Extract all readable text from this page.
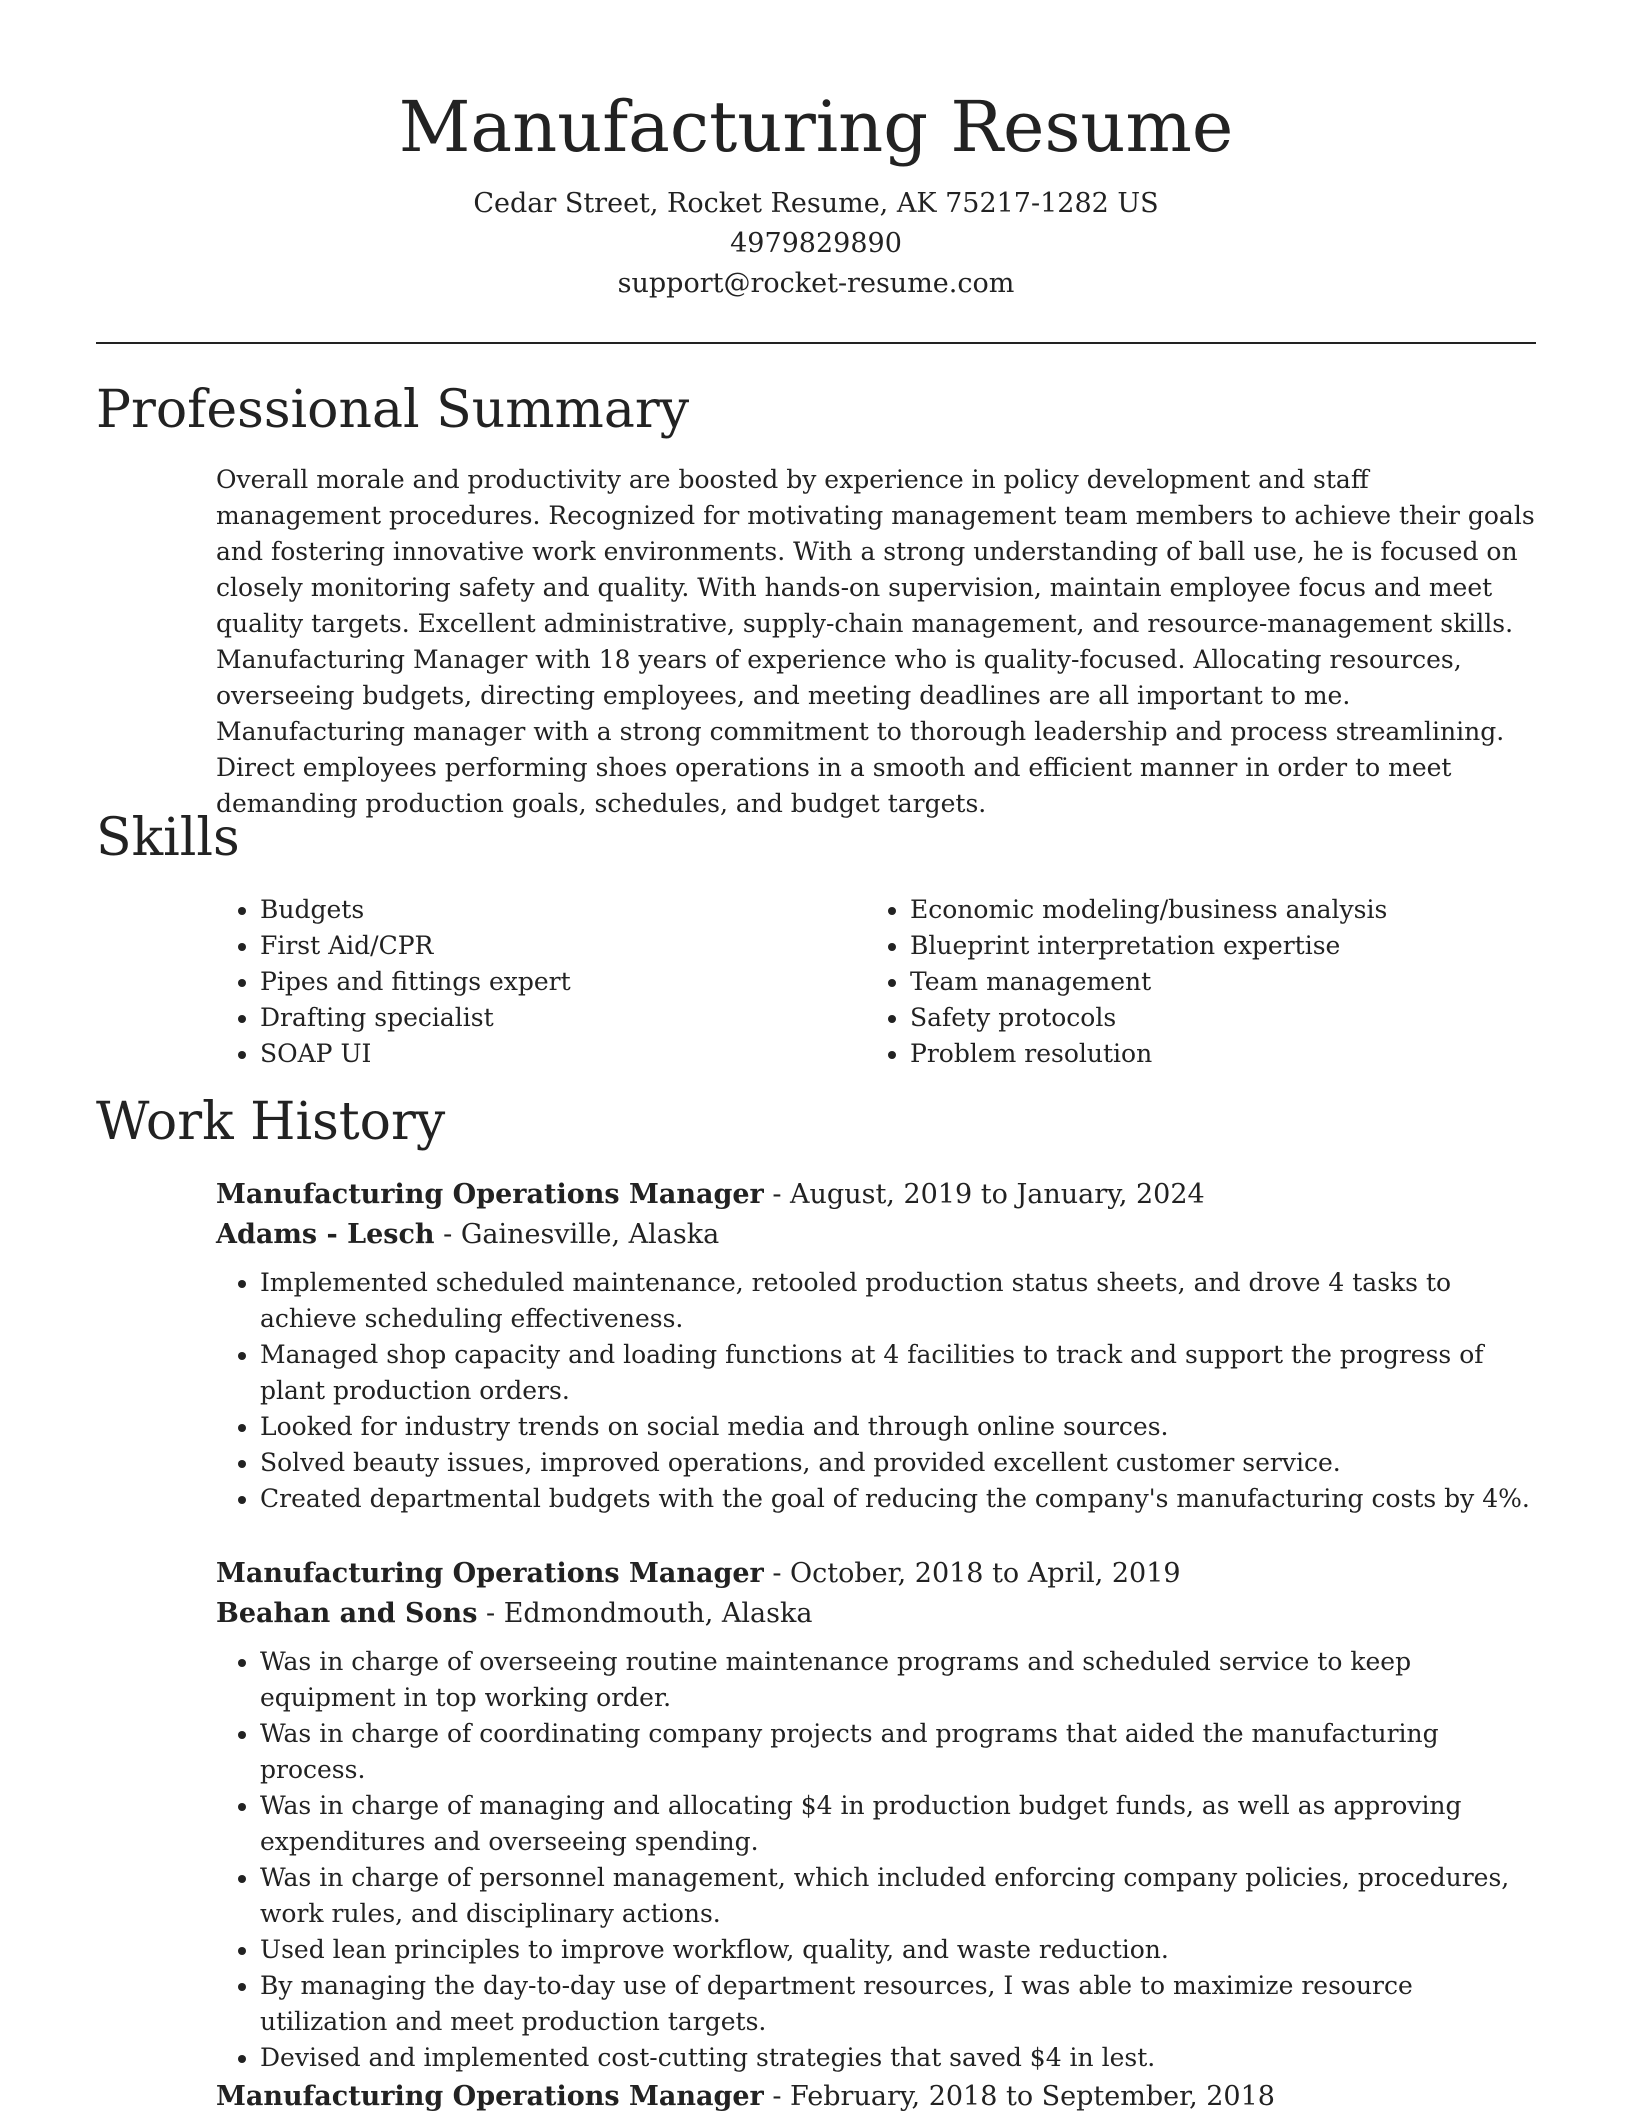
Manufacturing Resume
Cedar Street, Rocket Resume, AK 75217-1282 US
4979829890
support@rocket-resume.com
Professional Summary

Overall morale and productivity are boosted by experience in policy development and staff management procedures. Recognized for motivating management team members to achieve their goals and fostering innovative work environments. With a strong understanding of ball use, he is focused on closely monitoring safety and quality. With hands-on supervision, maintain employee focus and meet quality targets. Excellent administrative, supply-chain management, and resource-management skills. Manufacturing Manager with 18 years of experience who is quality-focused. Allocating resources, overseeing budgets, directing employees, and meeting deadlines are all important to me. Manufacturing manager with a strong commitment to thorough leadership and process streamlining. Direct employees performing shoes operations in a smooth and efficient manner in order to meet demanding production goals, schedules, and budget targets.

Skills
• Budgets
• First Aid/CPR
• Pipes and fittings expert
• Drafting specialist
• SOAP UI
• Economic modeling/business analysis
• Blueprint interpretation expertise
• Team management
• Safety protocols
• Problem resolution
Work History

Manufacturing Operations Manager - August, 2019 to January, 2024

Adams - Lesch - Gainesville, Alaska

• Implemented scheduled maintenance, retooled production status sheets, and drove 4 tasks to achieve scheduling effectiveness.
• Managed shop capacity and loading functions at 4 facilities to track and support the progress of plant production orders.
• Looked for industry trends on social media and through online sources.
• Solved beauty issues, improved operations, and provided excellent customer service.
• Created departmental budgets with the goal of reducing the company's manufacturing costs by 4%.

Manufacturing Operations Manager - October, 2018 to April, 2019

Beahan and Sons - Edmondmouth, Alaska

• Was in charge of overseeing routine maintenance programs and scheduled service to keep equipment in top working order.
• Was in charge of coordinating company projects and programs that aided the manufacturing process.
• Was in charge of managing and allocating $4 in production budget funds, as well as approving expenditures and overseeing spending.
• Was in charge of personnel management, which included enforcing company policies, procedures, work rules, and disciplinary actions.
• Used lean principles to improve workflow, quality, and waste reduction.
• By managing the day-to-day use of department resources, I was able to maximize resource utilization and meet production targets.
• Devised and implemented cost-cutting strategies that saved $4 in lest.

Manufacturing Operations Manager - February, 2018 to September, 2018
